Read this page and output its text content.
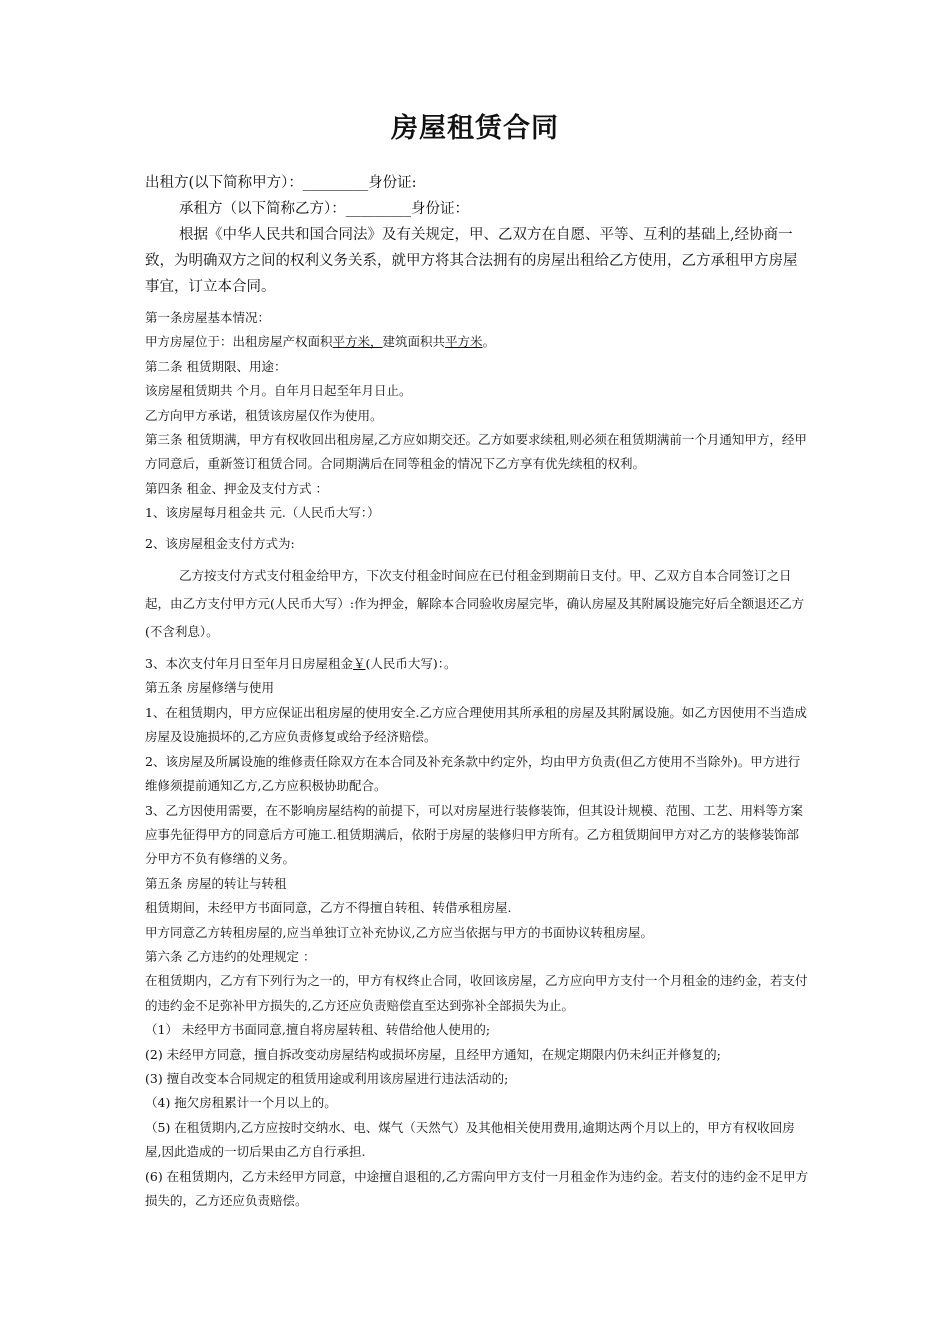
房屋租赁合同

出租方(以下简称甲方）：_________身份证:

承租方（以下简称乙方）：_________身份证：

根据《中华人民共和国合同法》及有关规定，甲、乙双方在自愿、平等、互利的基础上,经协商一致，为明确双方之间的权利义务关系，就甲方将其合法拥有的房屋出租给乙方使用，乙方承租甲方房屋事宜，订立本合同。

第一条房屋基本情况：

甲方房屋位于：出租房屋产权面积平方米，建筑面积共平方米。

第二条 租赁期限、用途：

该房屋租赁期共 个月。自年月日起至年月日止。

乙方向甲方承诺，租赁该房屋仅作为使用。

第三条 租赁期满，甲方有权收回出租房屋,乙方应如期交还。乙方如要求续租,则必须在租赁期满前一个月通知甲方，经甲方同意后，重新签订租赁合同。合同期满后在同等租金的情况下乙方享有优先续租的权利。

第四条 租金、押金及支付方式 ：

1、该房屋每月租金共 元.（人民币大写：）

2、该房屋租金支付方式为:

乙方按支付方式支付租金给甲方，下次支付租金时间应在已付租金到期前日支付。甲、乙双方自本合同签订之日起，由乙方支付甲方元(人民币大写）:作为押金，解除本合同验收房屋完毕，确认房屋及其附属设施完好后全额退还乙方(不含利息）。

3、本次支付年月日至年月日房屋租金￥(人民币大写)：。

第五条 房屋修缮与使用

1、在租赁期内，甲方应保证出租房屋的使用安全.乙方应合理使用其所承租的房屋及其附属设施。如乙方因使用不当造成房屋及设施损坏的,乙方应负责修复或给予经济赔偿。

2、该房屋及所属设施的维修责任除双方在本合同及补充条款中约定外，均由甲方负责(但乙方使用不当除外)。甲方进行维修须提前通知乙方,乙方应积极协助配合。

3、乙方因使用需要，在不影响房屋结构的前提下，可以对房屋进行装修装饰，但其设计规模、范围、工艺、用料等方案应事先征得甲方的同意后方可施工.租赁期满后，依附于房屋的装修归甲方所有。乙方租赁期间甲方对乙方的装修装饰部分甲方不负有修缮的义务。

第五条 房屋的转让与转租

租赁期间，未经甲方书面同意，乙方不得擅自转租、转借承租房屋.

甲方同意乙方转租房屋的,应当单独订立补充协议,乙方应当依据与甲方的书面协议转租房屋。

第六条 乙方违约的处理规定 ：

在租赁期内，乙方有下列行为之一的，甲方有权终止合同，收回该房屋，乙方应向甲方支付一个月租金的违约金，若支付的违约金不足弥补甲方损失的,乙方还应负责赔偿直至达到弥补全部损失为止。

（1） 未经甲方书面同意,擅自将房屋转租、转借给他人使用的;

(2) 未经甲方同意，擅自拆改变动房屋结构或损坏房屋，且经甲方通知，在规定期限内仍未纠正并修复的;

(3) 擅自改变本合同规定的租赁用途或利用该房屋进行违法活动的;

（4) 拖欠房租累计一个月以上的。

（5) 在租赁期内,乙方应按时交纳水、电、煤气（天然气）及其他相关使用费用,逾期达两个月以上的，甲方有权收回房屋,因此造成的一切后果由乙方自行承担.

(6) 在租赁期内，乙方未经甲方同意，中途擅自退租的,乙方需向甲方支付一月租金作为违约金。若支付的违约金不足甲方损失的，乙方还应负责赔偿。
